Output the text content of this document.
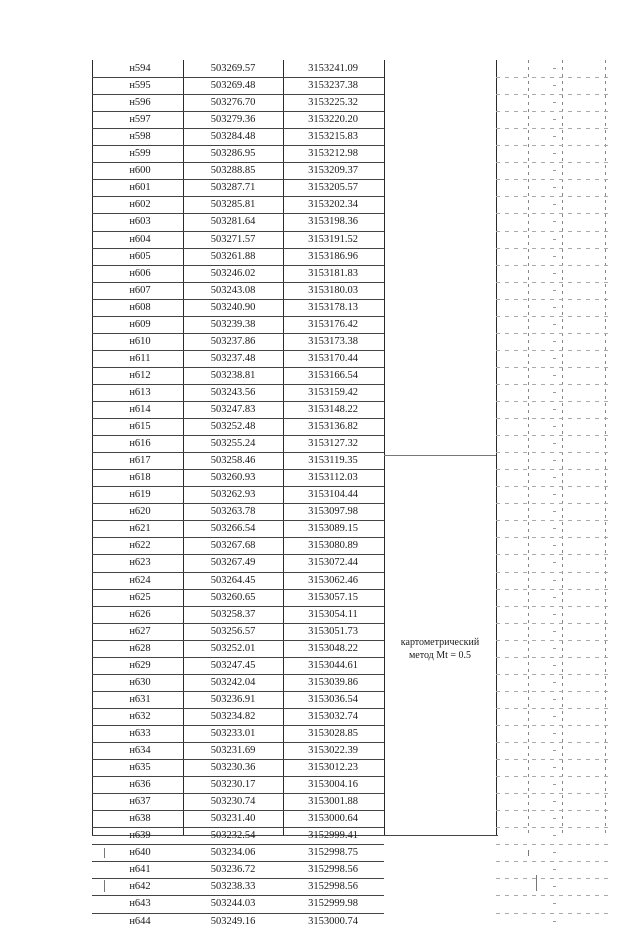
н594	503269.57	3153241.09
н595	503269.48	3153237.38
н596	503276.70	3153225.32
н597	503279.36	3153220.20
н598	503284.48	3153215.83
н599	503286.95	3153212.98
н600	503288.85	3153209.37
н601	503287.71	3153205.57
н602	503285.81	3153202.34
н603	503281.64	3153198.36
н604	503271.57	3153191.52
н605	503261.88	3153186.96
н606	503246.02	3153181.83
н607	503243.08	3153180.03
н608	503240.90	3153178.13
н609	503239.38	3153176.42
н610	503237.86	3153173.38
н611	503237.48	3153170.44
н612	503238.81	3153166.54
н613	503243.56	3153159.42
н614	503247.83	3153148.22
н615	503252.48	3153136.82
н616	503255.24	3153127.32
н617	503258.46	3153119.35
н618	503260.93	3153112.03
н619	503262.93	3153104.44
н620	503263.78	3153097.98
н621	503266.54	3153089.15
н622	503267.68	3153080.89
н623	503267.49	3153072.44
н624	503264.45	3153062.46
н625	503260.65	3153057.15
н626	503258.37	3153054.11
н627	503256.57	3153051.73
н628	503252.01	3153048.22
н629	503247.45	3153044.61
н630	503242.04	3153039.86
н631	503236.91	3153036.54
н632	503234.82	3153032.74
н633	503233.01	3153028.85
н634	503231.69	3153022.39
н635	503230.36	3153012.23
н636	503230.17	3153004.16
н637	503230.74	3153001.88
н638	503231.40	3153000.64
н639	503232.54	3152999.41
н640	503234.06	3152998.75
н641	503236.72	3152998.56
н642	503238.33	3152998.56
н643	503244.03	3152999.98
н644	503249.16	3153000.74
картометрический
метод Mt = 0.5
